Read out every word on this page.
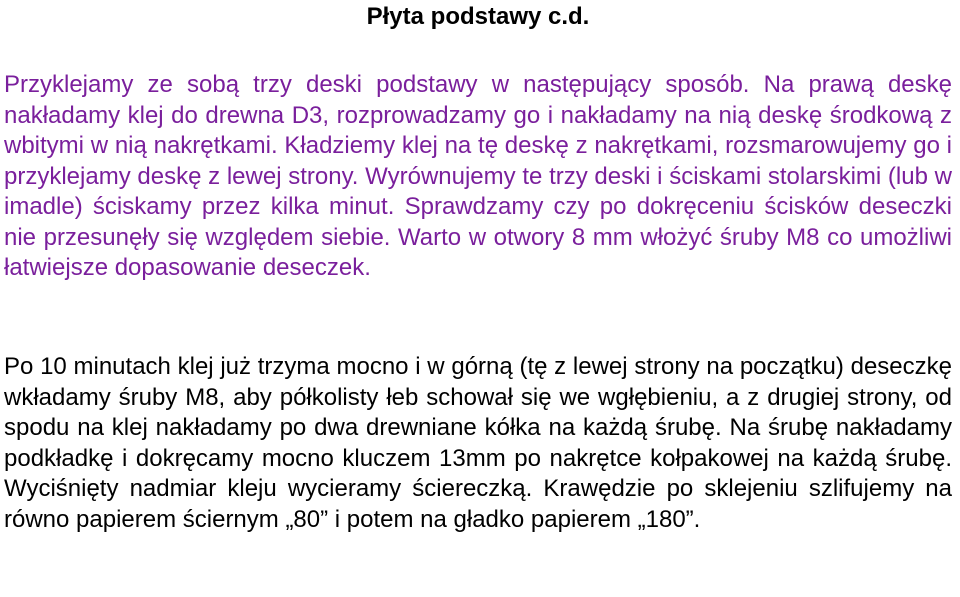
Płyta podstawy c.d.

Przyklejamy ze sobą trzy deski podstawy w następujący sposób. Na prawą deskę nakładamy klej do drewna D3, rozprowadzamy go i nakładamy na nią deskę środkową z wbitymi w nią nakrętkami. Kładziemy klej na tę deskę z nakrętkami, rozsmarowujemy go i przyklejamy deskę z lewej strony. Wyrównujemy te trzy deski i ściskami stolarskimi (lub w imadle) ściskamy przez kilka minut. Sprawdzamy czy po dokręceniu ścisków deseczki nie przesunęły się względem siebie. Warto w otwory 8 mm włożyć śruby M8 co umożliwi łatwiejsze dopasowanie deseczek.

Po 10 minutach klej już trzyma mocno i w górną (tę z lewej strony na początku) deseczkę wkładamy śruby M8, aby półkolisty łeb schował się we wgłębieniu, a z drugiej strony, od spodu na klej nakładamy po dwa drewniane kółka na każdą śrubę. Na śrubę nakładamy podkładkę i dokręcamy mocno kluczem 13mm po nakrętce kołpakowej na każdą śrubę. Wyciśnięty nadmiar kleju wycieramy ściereczką. Krawędzie po sklejeniu szlifujemy na równo papierem ściernym „80” i potem na gładko papierem „180”.
